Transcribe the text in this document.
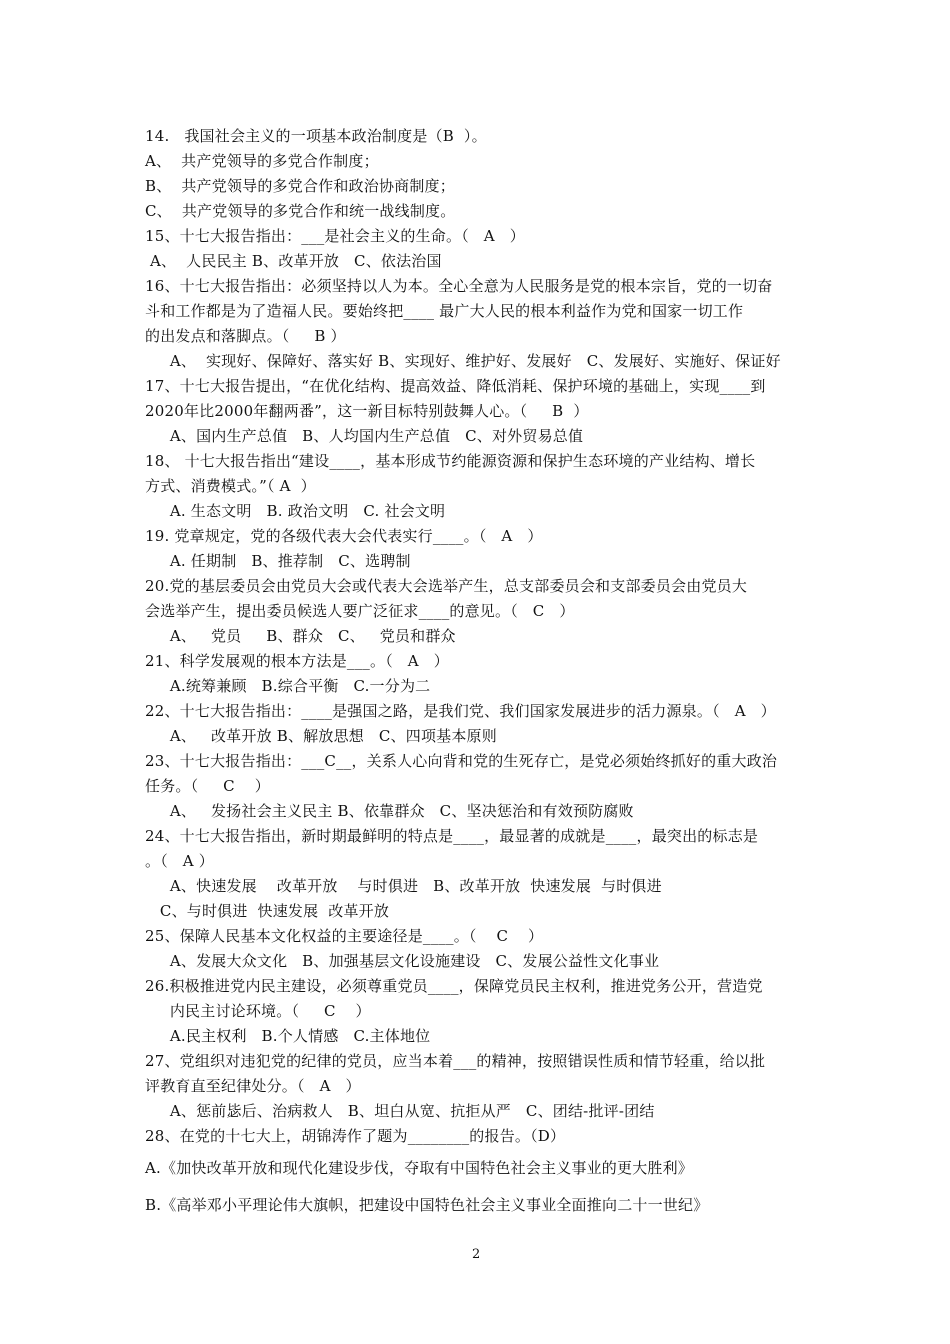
14.   我国社会主义的一项基本政治制度是（B  ）。
A、  共产党领导的多党合作制度；
B、  共产党领导的多党合作和政治协商制度；
C、  共产党领导的多党合作和统一战线制度。
15、十七大报告指出：___是社会主义的生命。（   A   ）
A、  人民民主 B、改革开放   C、依法治国
16、十七大报告指出：必须坚持以人为本。全心全意为人民服务是党的根本宗旨，党的一切奋
斗和工作都是为了造福人民。要始终把____ 最广大人民的根本利益作为党和国家一切工作
的出发点和落脚点。（     B ）
A、  实现好、保障好、落实好 B、实现好、维护好、发展好   C、发展好、实施好、保证好
17、十七大报告提出，“在优化结构、提高效益、降低消耗、保护环境的基础上，实现____到
2020年比2000年翻两番”，这一新目标特别鼓舞人心。（     B  ）
A、国内生产总值   B、人均国内生产总值   C、对外贸易总值
18、 十七大报告指出“建设____，基本形成节约能源资源和保护生态环境的产业结构、增长
方式、消费模式。”（ A  ）
A. 生态文明   B. 政治文明   C. 社会文明
19. 党章规定，党的各级代表大会代表实行____。（   A   ）
A. 任期制   B、推荐制   C、选聘制
20.党的基层委员会由党员大会或代表大会选举产生，总支部委员会和支部委员会由党员大
会选举产生，提出委员候选人要广泛征求____的意见。（   C   ）
A、   党员     B、群众   C、   党员和群众
21、科学发展观的根本方法是___。（   A   ）
A.统筹兼顾   B.综合平衡   C.一分为二
22、十七大报告指出：____是强国之路，是我们党、我们国家发展进步的活力源泉。（   A   ）
A、   改革开放 B、解放思想   C、四项基本原则
23、十七大报告指出：___C__，关系人心向背和党的生死存亡，是党必须始终抓好的重大政治
任务。（     C    ）
A、   发扬社会主义民主 B、依靠群众   C、坚决惩治和有效预防腐败
24、十七大报告指出，新时期最鲜明的特点是____，最显著的成就是____，最突出的标志是
。（   A ）
A、快速发展    改革开放    与时俱进   B、改革开放  快速发展  与时俱进
C、与时俱进  快速发展  改革开放
25、保障人民基本文化权益的主要途径是____。（    C    ）
A、发展大众文化   B、加强基层文化设施建设   C、发展公益性文化事业
26.积极推进党内民主建设，必须尊重党员____，保障党员民主权利，推进党务公开，营造党
内民主讨论环境。（     C    ）
A.民主权利   B.个人情感   C.主体地位
27、党组织对违犯党的纪律的党员，应当本着___的精神，按照错误性质和情节轻重，给以批
评教育直至纪律处分。（   A   ）
A、惩前毖后、治病救人   B、坦白从宽、抗拒从严   C、团结-批评-团结
28、在党的十七大上，胡锦涛作了题为________的报告。（D）
A.《加快改革开放和现代化建设步伐，夺取有中国特色社会主义事业的更大胜利》
B.《高举邓小平理论伟大旗帜，把建设中国特色社会主义事业全面推向二十一世纪》
2
